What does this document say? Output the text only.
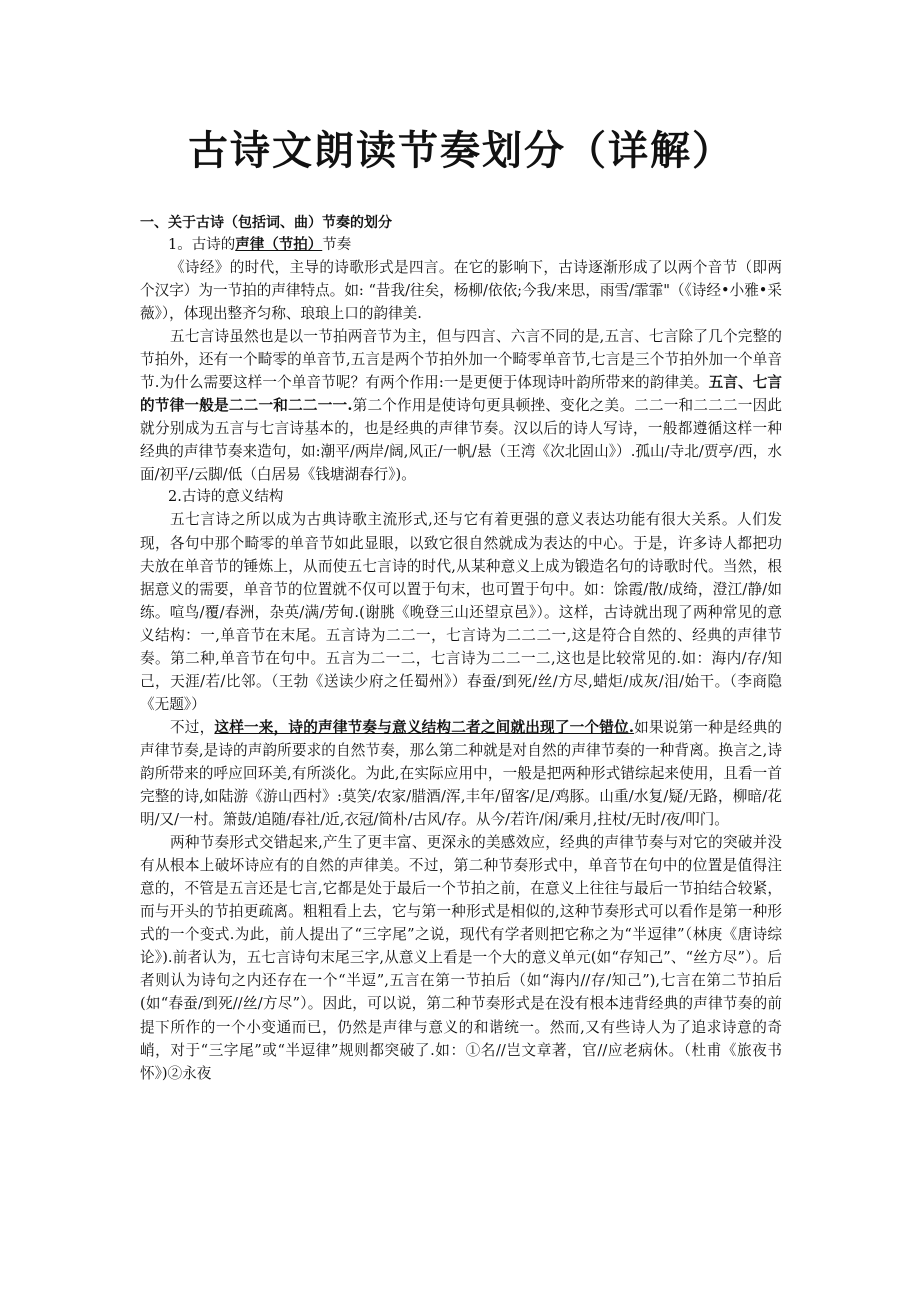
古诗文朗读节奏划分（详解）
一、关于古诗（包括词、曲）节奏的划分

1。古诗的声律（节拍）节奏

《诗经》的时代，主导的诗歌形式是四言。在它的影响下，古诗逐渐形成了以两个音节（即两个汉字）为一节拍的声律特点。如: “昔我/往矣，杨柳/依依;今我/来思，雨雪/霏霏"（《诗经•小雅•采薇》），体现出整齐匀称、琅琅上口的韵律美.

五七言诗虽然也是以一节拍两音节为主，但与四言、六言不同的是,五言、七言除了几个完整的节拍外，还有一个畸零的单音节,五言是两个节拍外加一个畸零单音节,七言是三个节拍外加一个单音节.为什么需要这样一个单音节呢？有两个作用:一是更便于体现诗叶韵所带来的韵律美。五言、七言的节律一般是二二一和二二一一.第二个作用是使诗句更具顿挫、变化之美。二二一和二二二一因此就分别成为五言与七言诗基本的，也是经典的声律节奏。汉以后的诗人写诗，一般都遵循这样一种经典的声律节奏来造句，如:潮平/两岸/阔,风正/一帆/悬（王湾《次北固山》）.孤山/寺北/贾亭/西，水面/初平/云脚/低（白居易《钱塘湖春行》)。

2.古诗的意义结构

五七言诗之所以成为古典诗歌主流形式,还与它有着更强的意义表达功能有很大关系。人们发现，各句中那个畸零的单音节如此显眼，以致它很自然就成为表达的中心。于是，许多诗人都把功夫放在单音节的锤炼上，从而使五七言诗的时代,从某种意义上成为锻造名句的诗歌时代。当然，根据意义的需要，单音节的位置就不仅可以置于句末，也可置于句中。如：馀霞/散/成绮，澄江/静/如练。喧鸟/覆/春洲，杂英/满/芳甸.(谢朓《晚登三山还望京邑》）。这样，古诗就出现了两种常见的意义结构：一,单音节在末尾。五言诗为二二一，七言诗为二二二一,这是符合自然的、经典的声律节奏。第二种,单音节在句中。五言为二一二，七言诗为二二一二,这也是比较常见的.如：海内/存/知己，天涯/若/比邻。（王勃《送读少府之任蜀州》）春蚕/到死/丝/方尽,蜡炬/成灰/泪/始干。（李商隐《无题》）

不过，这样一来，诗的声律节奏与意义结构二者之间就出现了一个错位.如果说第一种是经典的声律节奏,是诗的声韵所要求的自然节奏，那么第二种就是对自然的声律节奏的一种背离。换言之,诗韵所带来的呼应回环美,有所淡化。为此,在实际应用中，一般是把两种形式错综起来使用，且看一首完整的诗,如陆游《游山西村》:莫笑/农家/腊酒/浑,丰年/留客/足/鸡豚。山重/水复/疑/无路，柳暗/花明/又/一村。箫鼓/追随/春社/近,衣冠/简朴/古风/存。从今/若许/闲/乘月,拄杖/无时/夜/叩门。

两种节奏形式交错起来,产生了更丰富、更深永的美感效应，经典的声律节奏与对它的突破并没有从根本上破坏诗应有的自然的声律美。不过，第二种节奏形式中，单音节在句中的位置是值得注意的，不管是五言还是七言,它都是处于最后一个节拍之前，在意义上往往与最后一节拍结合较紧，而与开头的节拍更疏离。粗粗看上去，它与第一种形式是相似的,这种节奏形式可以看作是第一种形式的一个变式.为此，前人提出了“三字尾”之说，现代有学者则把它称之为“半逗律”（林庚《唐诗综论》).前者认为，五七言诗句末尾三字,从意义上看是一个大的意义单元(如“存知己”、“丝方尽”）。后者则认为诗句之内还存在一个“半逗”,五言在第一节拍后（如“海内//存/知己”),七言在第二节拍后(如“春蚕/到死//丝/方尽”）。因此，可以说，第二种节奏形式是在没有根本违背经典的声律节奏的前提下所作的一个小变通而已，仍然是声律与意义的和谐统一。然而,又有些诗人为了追求诗意的奇峭，对于“三字尾”或“半逗律”规则都突破了.如：①名//岂文章著，官//应老病休。（杜甫《旅夜书怀》)②永夜
